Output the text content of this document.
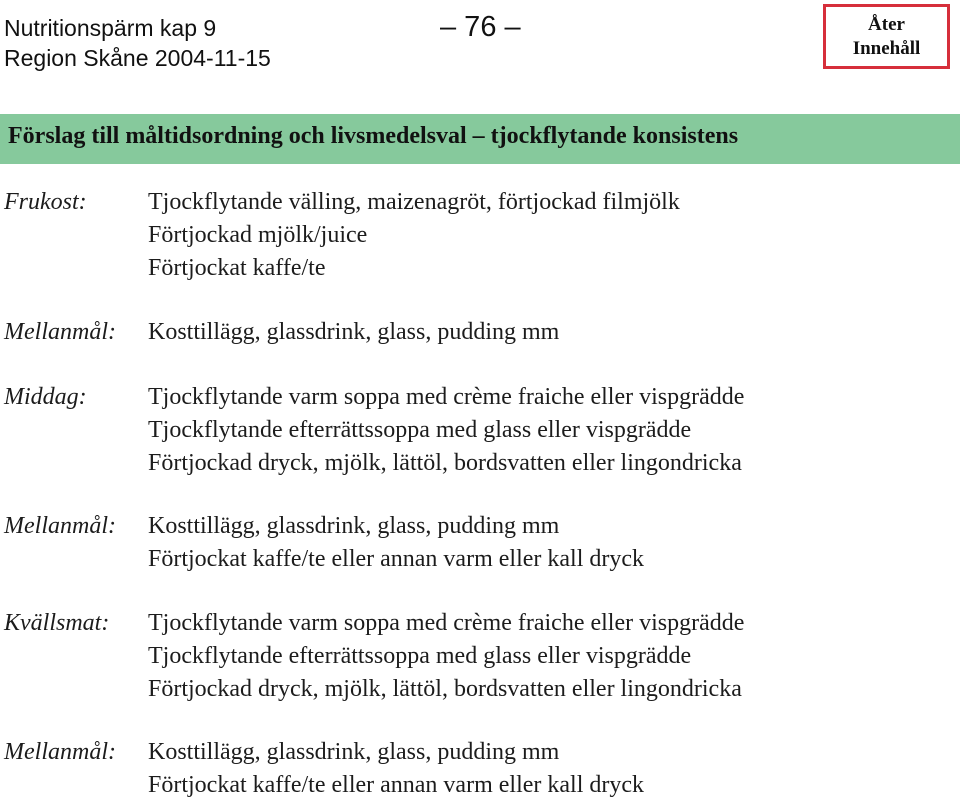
Nutritionspärm kap 9
Region Skåne 2004-11-15
– 76 –	Åter
Innehåll
Förslag till måltidsordning och livsmedelsval – tjockflytande konsistens
Frukost:	Tjockflytande välling, maizenagröt, förtjockad filmjölk
Förtjockad mjölk/juice
Förtjockat kaffe/te
Mellanmål: Kosttillägg, glassdrink, glass, pudding mm
Middag:	Tjockflytande varm soppa med crème fraiche eller vispgrädde
Tjockflytande efterrättssoppa med glass eller vispgrädde
Förtjockad dryck, mjölk, lättöl, bordsvatten eller lingondricka
Mellanmål: Kosttillägg, glassdrink, glass, pudding mm
Förtjockat kaffe/te eller annan varm eller kall dryck
Kvällsmat: Tjockflytande varm soppa med crème fraiche eller vispgrädde
Tjockflytande efterrättssoppa med glass eller vispgrädde
Förtjockad dryck, mjölk, lättöl, bordsvatten eller lingondricka
Mellanmål: Kosttillägg, glassdrink, glass, pudding mm
Förtjockat kaffe/te eller annan varm eller kall dryck
